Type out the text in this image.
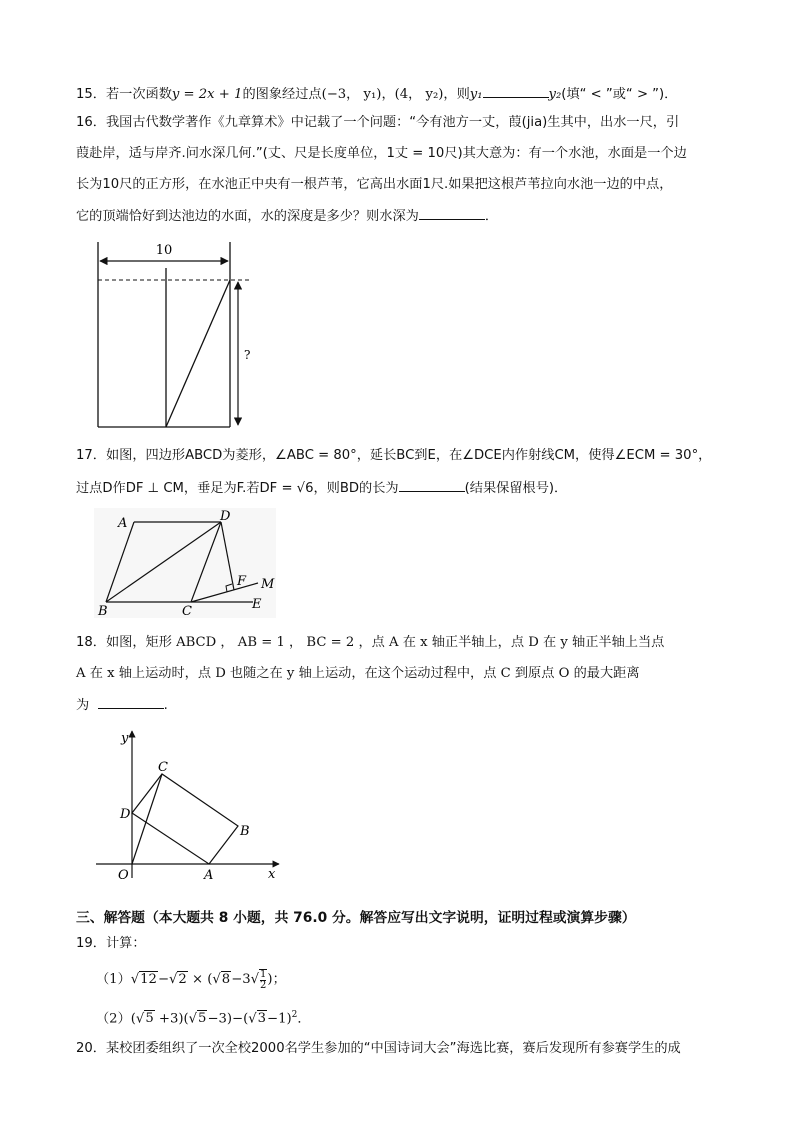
15．若一次函数y = 2x + 1的图象经过点(−3， y₁)，(4， y₂)，则y₁	y₂(填“ < ”或“ > ”)．
16．我国古代数学著作《九章算术》中记载了一个问题：“今有池方一丈，葭(jia)生其中，出水一尺，引
葭赴岸，适与岸齐.问水深几何.”(丈、尺是长度单位，1丈 = 10尺)其大意为：有一个水池，水面是一个边
长为10尺的正方形，在水池正中央有一根芦苇，它高出水面1尺.如果把这根芦苇拉向水池一边的中点，
它的顶端恰好到达池边的水面，水的深度是多少？则水深为	．
10
?
17．如图，四边形ABCD为菱形，∠ABC = 80°，延长BC到E，在∠DCE内作射线CM，使得∠ECM = 30°，
过点D作DF ⊥ CM，垂足为F.若DF = √6，则BD的长为	(结果保留根号)．
A	D
B	C	E
F M
18．如图，矩形 ABCD ， AB = 1 ， BC = 2 ，点 A 在 x 轴正半轴上，点 D 在 y 轴正半轴上当点
A 在 x 轴上运动时，点 D 也随之在 y 轴上运动，在这个运动过程中，点 C 到原点 O 的最大距离
为	.
y
x
O	A
B
C
D
三、解答题（本大题共 8 小题，共 76.0 分。解答应写出文字说明，证明过程或演算步骤）
19．计算：
$(1)√12-√2 \times (√8-3√ \frac{1}{2}$ )；
$(2)(√5 +3)(√5-3)-(√3-1)^2$．
20．某校团委组织了一次全校2000名学生参加的“中国诗词大会”海选比赛，赛后发现所有参赛学生的成
